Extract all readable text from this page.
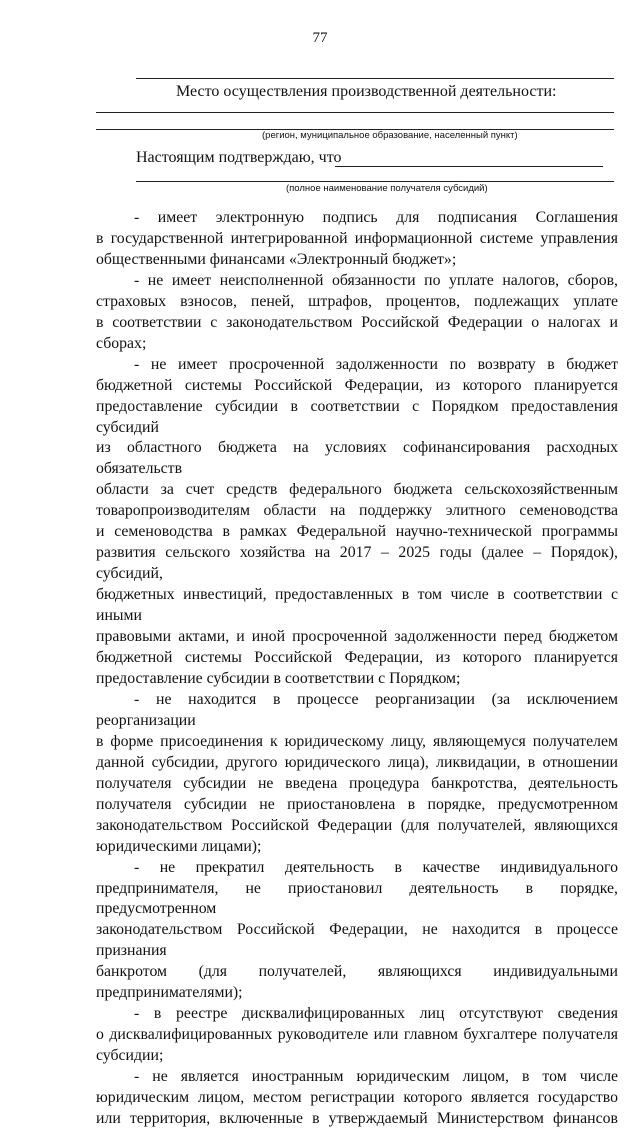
77
Место осуществления производственной деятельности:
(регион, муниципальное образование, населенный пункт)
Настоящим подтверждаю, что
(полное наименование получателя субсидий)

- имеет электронную подпись для подписания Соглашения

в государственной интегрированной информационной системе управления

общественными финансами «Электронный бюджет»;

- не имеет неисполненной обязанности по уплате налогов, сборов,

страховых взносов, пеней, штрафов, процентов, подлежащих уплате

в соответствии с законодательством Российской Федерации о налогах и сборах;

- не имеет просроченной задолженности по возврату в бюджет

бюджетной системы Российской Федерации, из которого планируется

предоставление субсидии в соответствии с Порядком предоставления субсидий

из областного бюджета на условиях софинансирования расходных обязательств

области за счет средств федерального бюджета сельскохозяйственным

товаропроизводителям области на поддержку элитного семеноводства

и семеноводства в рамках Федеральной научно-технической программы

развития сельского хозяйства на 2017 – 2025 годы (далее – Порядок), субсидий,

бюджетных инвестиций, предоставленных в том числе в соответствии с иными

правовыми актами, и иной просроченной задолженности перед бюджетом

бюджетной системы Российской Федерации, из которого планируется

предоставление субсидии в соответствии с Порядком;

- не находится в процессе реорганизации (за исключением реорганизации

в форме присоединения к юридическому лицу, являющемуся получателем

данной субсидии, другого юридического лица), ликвидации, в отношении

получателя субсидии не введена процедура банкротства, деятельность

получателя субсидии не приостановлена в порядке, предусмотренном

законодательством Российской Федерации (для получателей, являющихся

юридическими лицами);

- не прекратил деятельность в качестве индивидуального

предпринимателя, не приостановил деятельность в порядке, предусмотренном

законодательством Российской Федерации, не находится в процессе признания

банкротом (для получателей, являющихся индивидуальными

предпринимателями);

- в реестре дисквалифицированных лиц отсутствуют сведения

о дисквалифицированных руководителе или главном бухгалтере получателя

субсидии;

- не является иностранным юридическим лицом, в том числе

юридическим лицом, местом регистрации которого является государство

или территория, включенные в утверждаемый Министерством финансов
